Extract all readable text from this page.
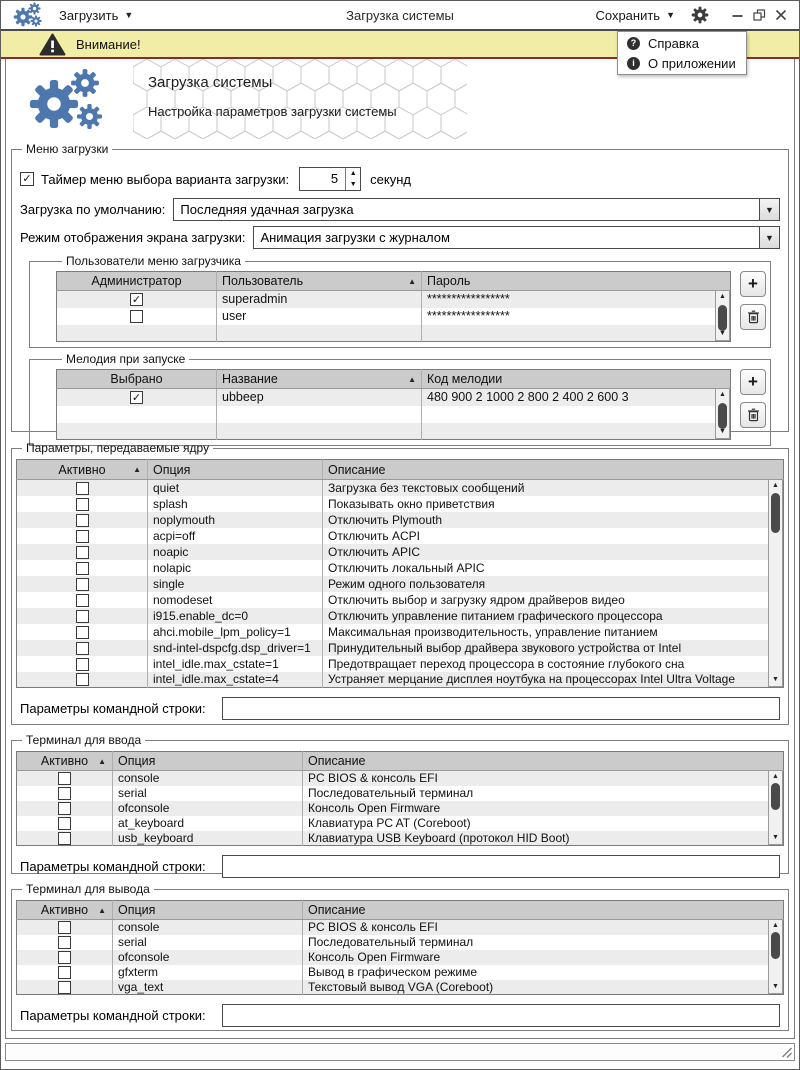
Загрузить ▼	Загрузка системы	Сохранить ▼
Внимание!	? Справка
i	О приложении
Загрузка системы
Настройка параметров загрузки системы
Меню загрузки
✓ Таймер меню выбора варианта загрузки:	5	▲
▼ секунд
Загрузка по умолчанию:	Последняя удачная загрузка	▼
Режим отображения экрана загрузки:	Анимация загрузки с журналом	▼
Пользователи меню загрузчика
Администратор	Пользователь ▲	Пароль

✓	superadmin	*****************
	user	*****************

▲
▼
+
Мелодия при запуске
Выбрано	Название ▲	Код мелодии

✓	ubbeep	480 900 2 1000 2 800 2 400 2 600 3

			▲
▼
+
Параметры, передаваемые ядру
Активно ▲	Опция	Описание

	quiet	Загрузка без текстовых сообщений
	splash	Показывать окно приветствия
	noplymouth	Отключить Plymouth
	acpi=off	Отключить ACPI
	noapic	Отключить APIC
	nolapic	Отключить локальный APIC
	single	Режим одного пользователя
	nomodeset	Отключить выбор и загрузку ядром драйверов видео
	i915.enable_dc=0	Отключить управление питанием графического процессора
	ahci.mobile_lpm_policy=1	Максимальная производительность, управление питанием
	snd-intel-dspcfg.dsp_driver=1	Принудительный выбор драйвера звукового устройства от Intel
	intel_idle.max_cstate=1	Предотвращает переход процессора в состояние глубокого сна
	intel_idle.max_cstate=4	Устраняет мерцание дисплея ноутбука на процессорах Intel Ultra Voltage
▲
▼
Параметры командной строки:
Терминал для ввода
Активно ▲	Опция	Описание

	console	PC BIOS & консоль EFI
	serial	Последовательный терминал
	ofconsole	Консоль Open Firmware
	at_keyboard	Клавиатура PC AT (Coreboot)
	usb_keyboard	Клавиатура USB Keyboard (протокол HID Boot)
▲
▼
Параметры командной строки:
Терминал для вывода
Активно ▲	Опция	Описание

	console	PC BIOS & консоль EFI
	serial	Последовательный терминал
	ofconsole	Консоль Open Firmware
	gfxterm	Вывод в графическом режиме
	vga_text	Текстовый вывод VGA (Coreboot)
▲
▼
Параметры командной строки:
